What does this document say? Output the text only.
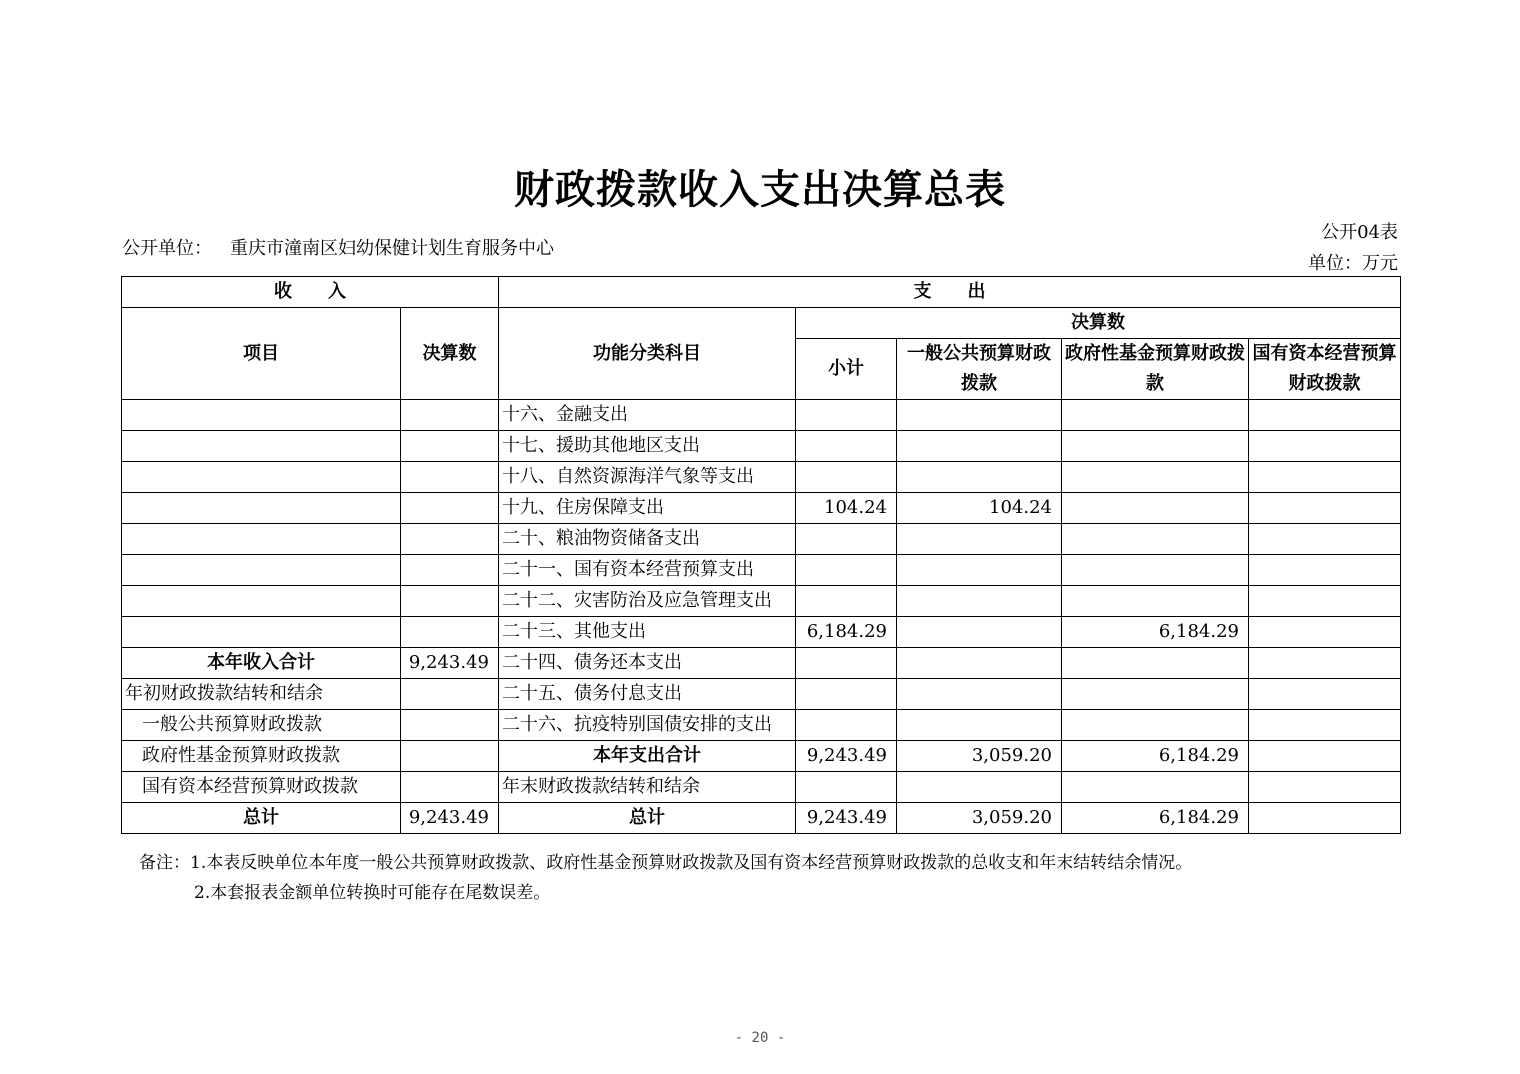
财政拨款收入支出决算总表
公开04表
公开单位： 重庆市潼南区妇幼保健计划生育服务中心
单位：万元
收　　入		支　　出				
项目	决算数	功能分类科目	决算数			
			小计	一般公共预算财政拨款	政府性基金预算财政拨款	国有资本经营预算财政拨款

		十六、金融支出				
		十七、援助其他地区支出				
		十八、自然资源海洋气象等支出				
		十九、住房保障支出	104.24	104.24		
		二十、粮油物资储备支出				
		二十一、国有资本经营预算支出				
		二十二、灾害防治及应急管理支出				
		二十三、其他支出	6,184.29		6,184.29	
本年收入合计	9,243.49	二十四、债务还本支出				
年初财政拨款结转和结余		二十五、债务付息支出				
一般公共预算财政拨款		二十六、抗疫特别国债安排的支出				
政府性基金预算财政拨款		本年支出合计	9,243.49	3,059.20	6,184.29	
国有资本经营预算财政拨款		年末财政拨款结转和结余				
总计	9,243.49	总计	9,243.49	3,059.20	6,184.29	
备注：1.本表反映单位本年度一般公共预算财政拨款、政府性基金预算财政拨款及国有资本经营预算财政拨款的总收支和年末结转结余情况。
2.本套报表金额单位转换时可能存在尾数误差。
- 20 -
